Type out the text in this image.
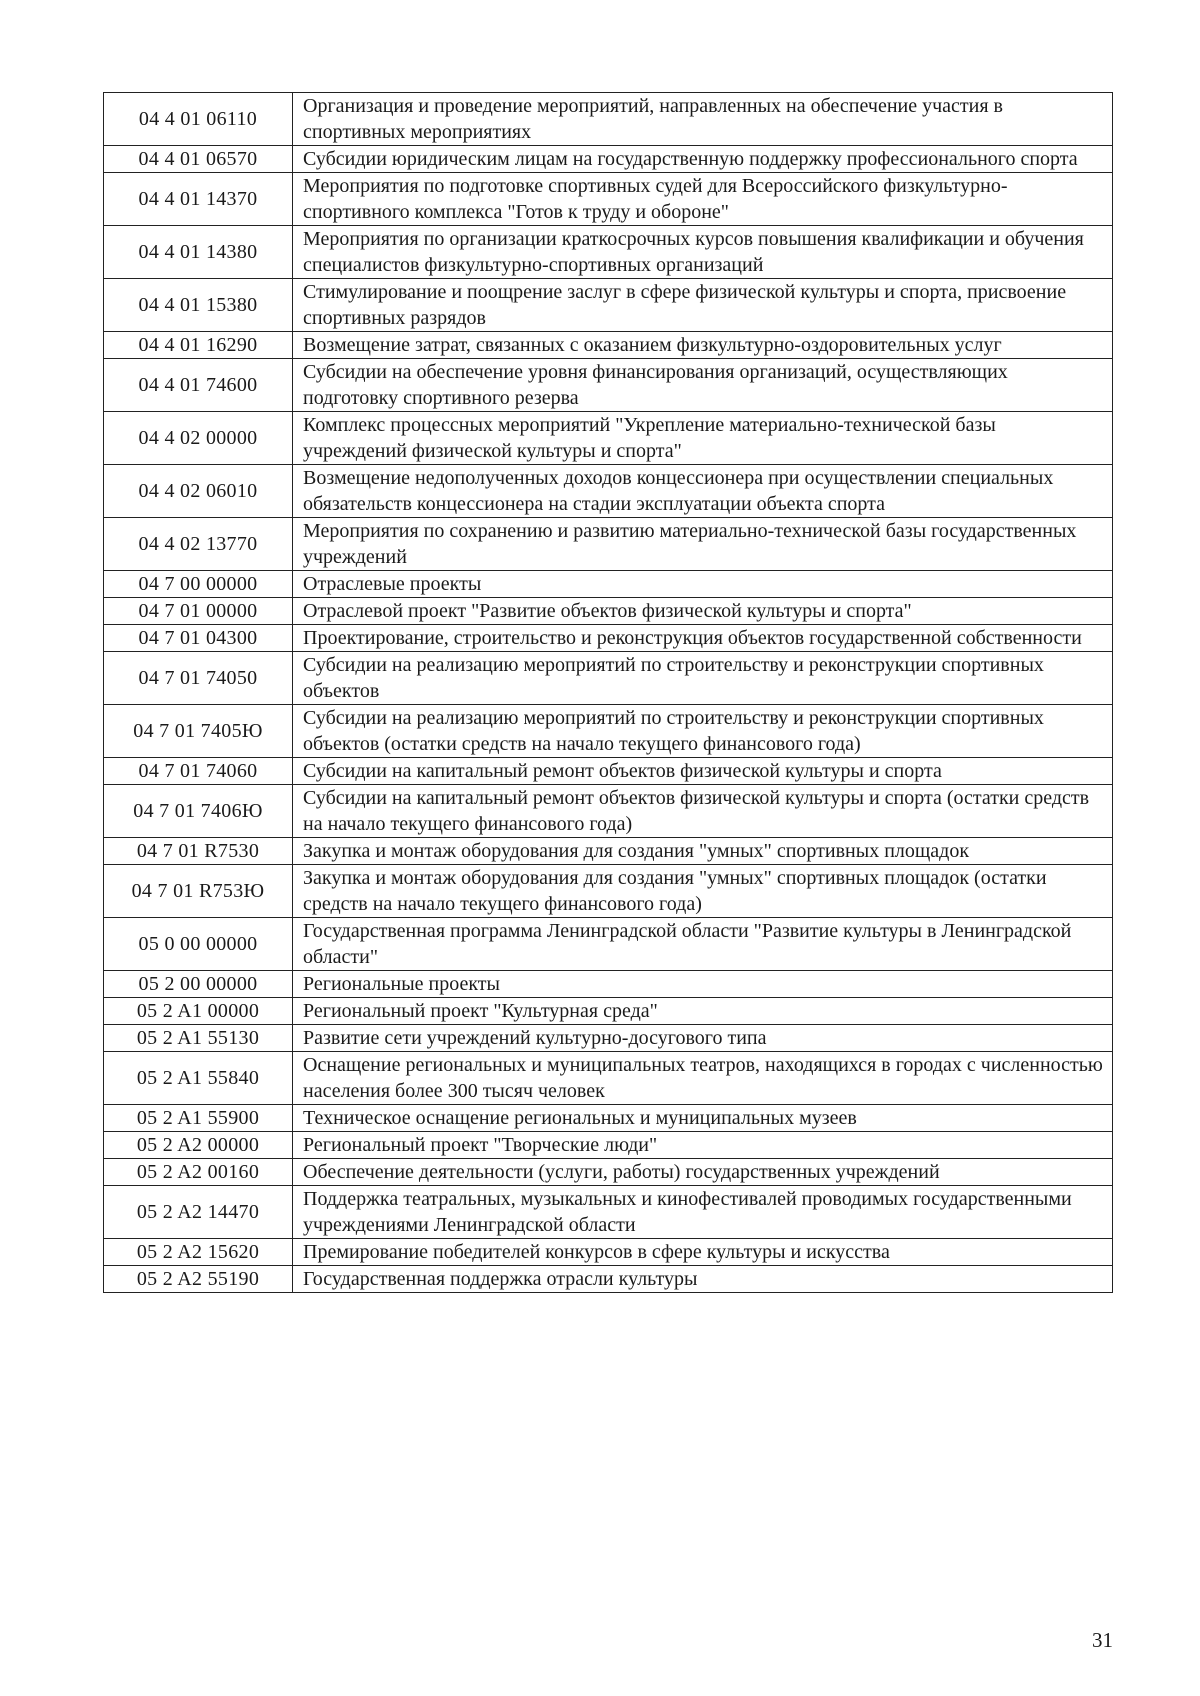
04 4 01 06110	Организация и проведение мероприятий, направленных на обеспечение участия в спортивных мероприятиях
04 4 01 06570	Субсидии юридическим лицам на государственную поддержку профессионального спорта
04 4 01 14370	Мероприятия по подготовке спортивных судей для Всероссийского физкультурно-спортивного комплекса "Готов к труду и обороне"
04 4 01 14380	Мероприятия по организации краткосрочных курсов повышения квалификации и обучения специалистов физкультурно-спортивных организаций
04 4 01 15380	Стимулирование и поощрение заслуг в сфере физической культуры и спорта, присвоение спортивных разрядов
04 4 01 16290	Возмещение затрат, связанных с оказанием физкультурно-оздоровительных услуг
04 4 01 74600	Субсидии на обеспечение уровня финансирования организаций, осуществляющих подготовку спортивного резерва
04 4 02 00000	Комплекс процессных мероприятий "Укрепление материально-технической базы учреждений физической культуры и спорта"
04 4 02 06010	Возмещение недополученных доходов концессионера при осуществлении специальных обязательств концессионера на стадии эксплуатации объекта спорта
04 4 02 13770	Мероприятия по сохранению и развитию материально-технической базы государственных учреждений
04 7 00 00000	Отраслевые проекты
04 7 01 00000	Отраслевой проект "Развитие объектов физической культуры и спорта"
04 7 01 04300	Проектирование, строительство и реконструкция объектов государственной собственности
04 7 01 74050	Субсидии на реализацию мероприятий по строительству и реконструкции спортивных объектов
04 7 01 7405Ю	Субсидии на реализацию мероприятий по строительству и реконструкции спортивных объектов (остатки средств на начало текущего финансового года)
04 7 01 74060	Субсидии на капитальный ремонт объектов физической культуры и спорта
04 7 01 7406Ю	Субсидии на капитальный ремонт объектов физической культуры и спорта (остатки средств на начало текущего финансового года)
04 7 01 R7530	Закупка и монтаж оборудования для создания "умных" спортивных площадок
04 7 01 R753Ю	Закупка и монтаж оборудования для создания "умных" спортивных площадок (остатки средств на начало текущего финансового года)
05 0 00 00000	Государственная программа Ленинградской области "Развитие культуры в Ленинградской области"
05 2 00 00000	Региональные проекты
05 2 A1 00000	Региональный проект "Культурная среда"
05 2 A1 55130	Развитие сети учреждений культурно-досугового типа
05 2 A1 55840	Оснащение региональных и муниципальных театров, находящихся в городах с численностью населения более 300 тысяч человек
05 2 A1 55900	Техническое оснащение региональных и муниципальных музеев
05 2 A2 00000	Региональный проект "Творческие люди"
05 2 A2 00160	Обеспечение деятельности (услуги, работы) государственных учреждений
05 2 A2 14470	Поддержка театральных, музыкальных и кинофестивалей проводимых государственными учреждениями Ленинградской области
05 2 A2 15620	Премирование победителей конкурсов в сфере культуры и искусства
05 2 A2 55190	Государственная поддержка отрасли культуры
31
